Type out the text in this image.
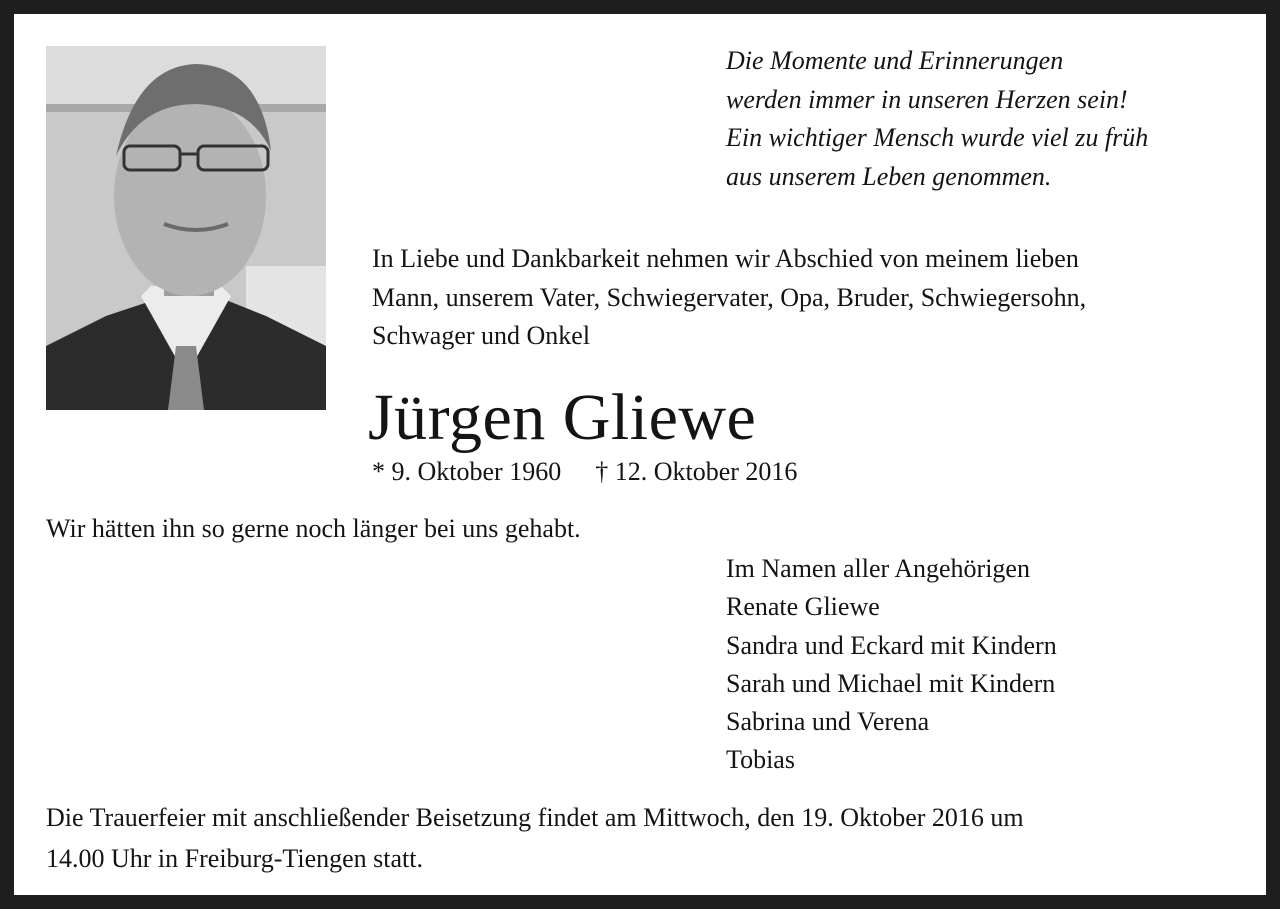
Die Momente und Erinnerungen
werden immer in unseren Herzen sein!
Ein wichtiger Mensch wurde viel zu früh
aus unserem Leben genommen.
In Liebe und Dankbarkeit nehmen wir Abschied von meinem lieben
Mann, unserem Vater, Schwiegervater, Opa, Bruder, Schwiegersohn,
Schwager und Onkel
Jürgen Gliewe
* 9. Oktober 1960 † 12. Oktober 2016
Wir hätten ihn so gerne noch länger bei uns gehabt.
Im Namen aller Angehörigen
Renate Gliewe
Sandra und Eckard mit Kindern
Sarah und Michael mit Kindern
Sabrina und Verena
Tobias
Die Trauerfeier mit anschließender Beisetzung findet am Mittwoch, den 19. Oktober 2016 um
14.00 Uhr in Freiburg-Tiengen statt.
